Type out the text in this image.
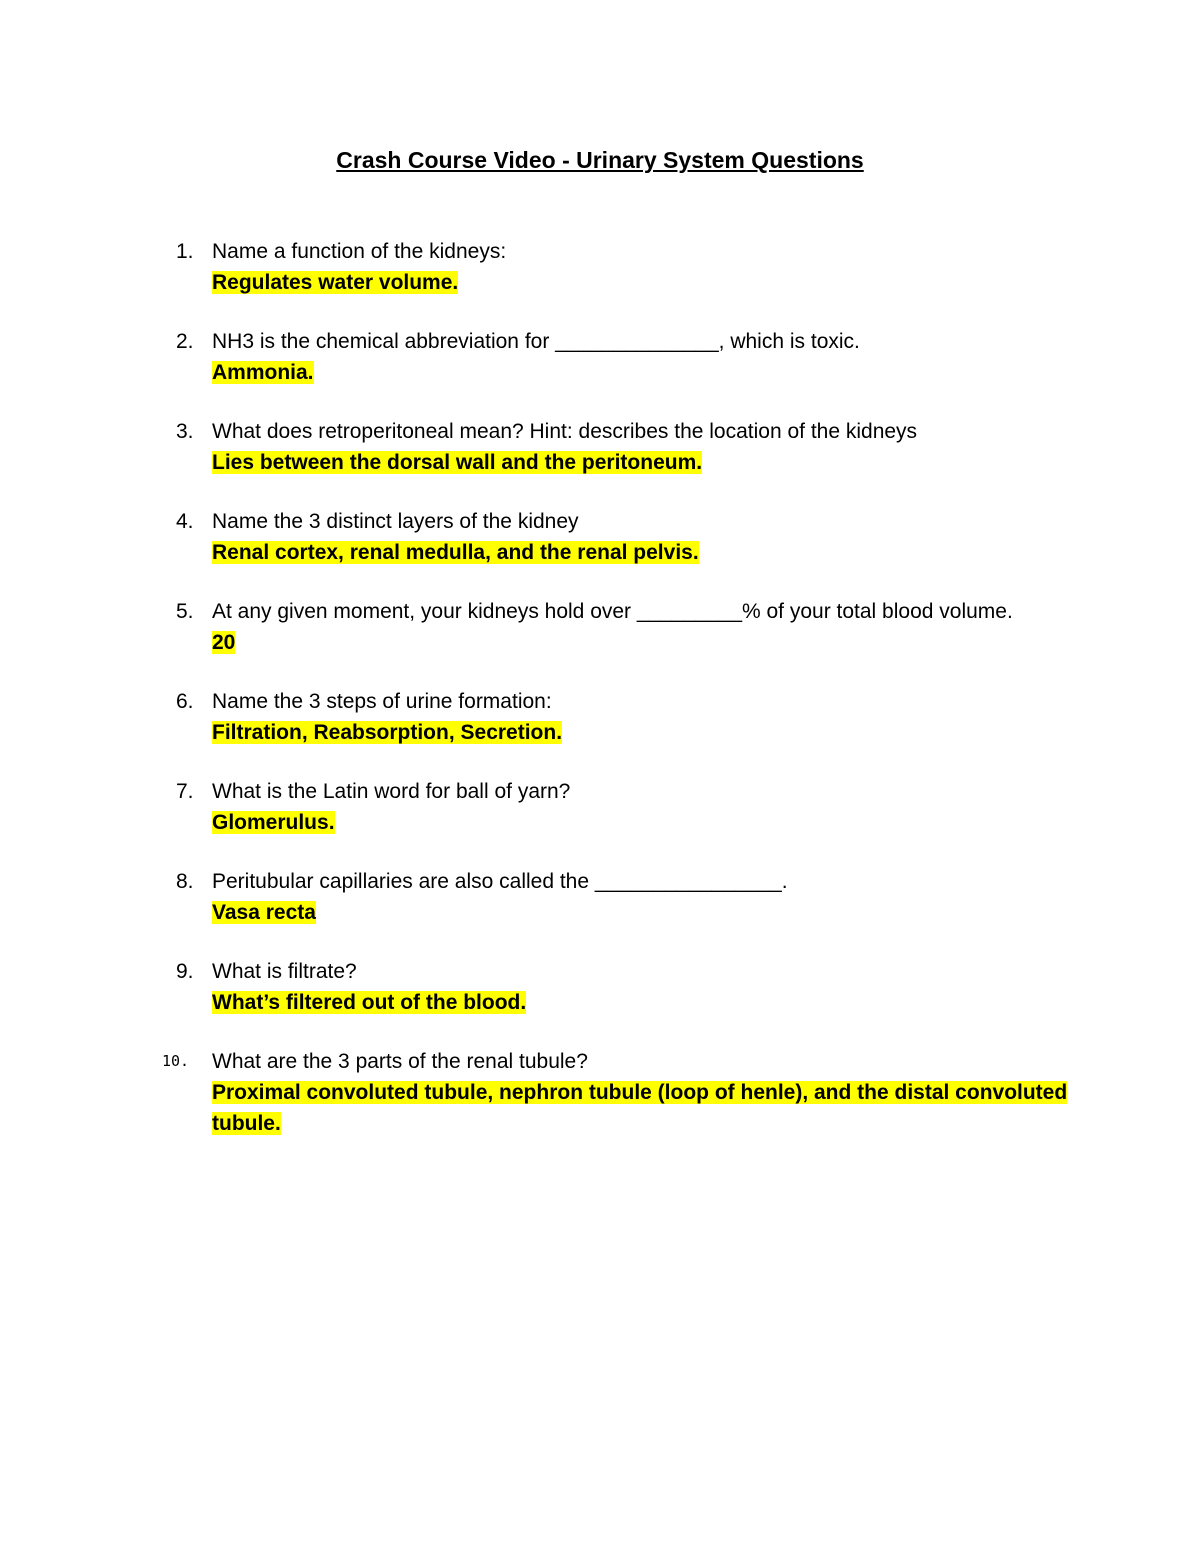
Crash Course Video - Urinary System Questions
1. Name a function of the kidneys:
Regulates water volume.
2. NH3 is the chemical abbreviation for ______________, which is toxic.
Ammonia.
3. What does retroperitoneal mean? Hint: describes the location of the kidneys
Lies between the dorsal wall and the peritoneum.
4. Name the 3 distinct layers of the kidney
Renal cortex, renal medulla, and the renal pelvis.
5. At any given moment, your kidneys hold over _________% of your total blood volume.
20
6. Name the 3 steps of urine formation:
Filtration, Reabsorption, Secretion.
7. What is the Latin word for ball of yarn?
Glomerulus.
8. Peritubular capillaries are also called the ________________.
Vasa recta
9. What is filtrate?
What’s filtered out of the blood.
10. What are the 3 parts of the renal tubule?
Proximal convoluted tubule, nephron tubule (loop of henle), and the distal convoluted tubule.
